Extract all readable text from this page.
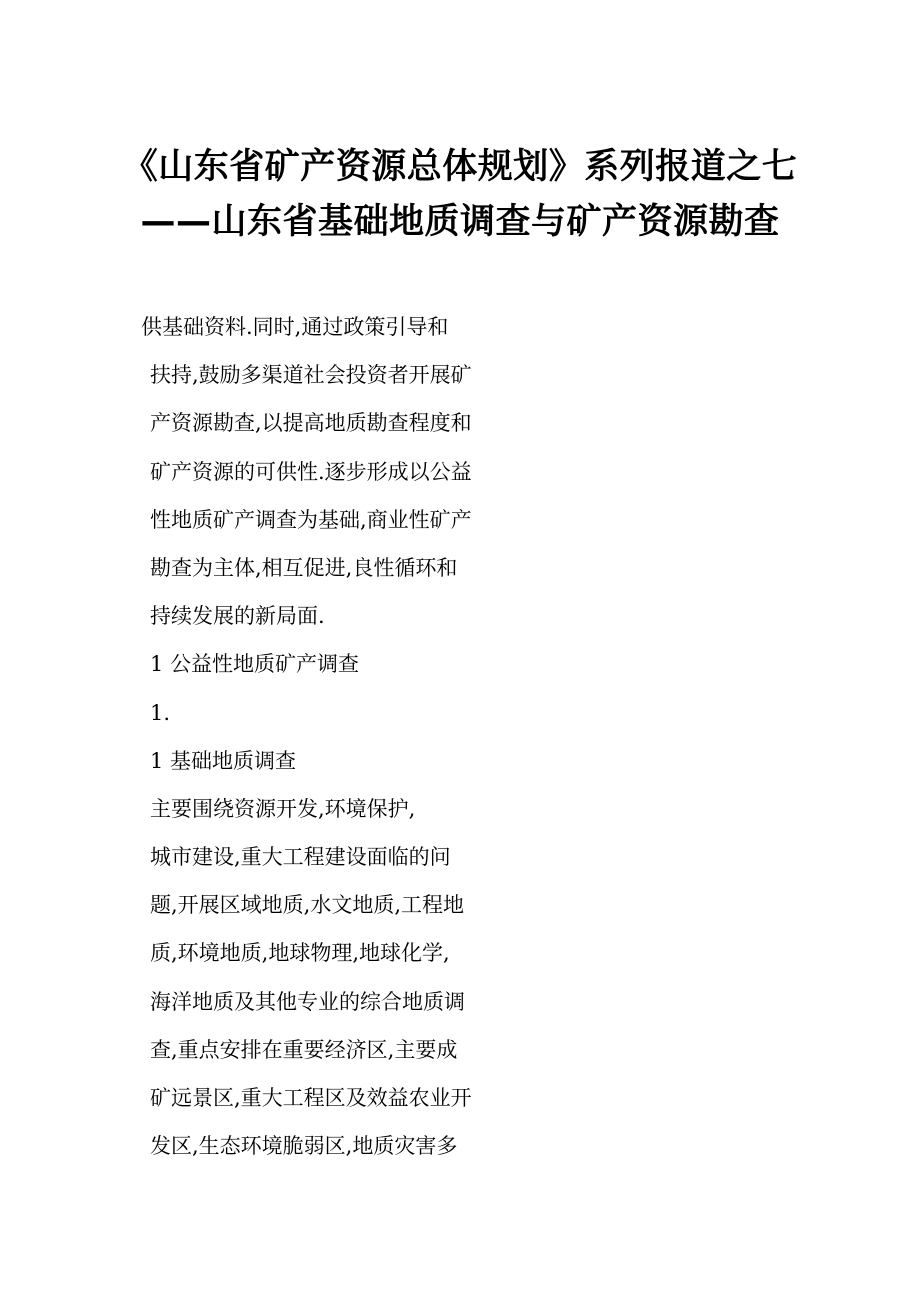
《山东省矿产资源总体规划》系列报道之七
——山东省基础地质调查与矿产资源勘查
供基础资料.同时,通过政策引导和
扶持,鼓励多渠道社会投资者开展矿
产资源勘查,以提高地质勘查程度和
矿产资源的可供性.逐步形成以公益
性地质矿产调查为基础,商业性矿产
勘查为主体,相互促进,良性循环和
持续发展的新局面.
1 公益性地质矿产调查
1.
1 基础地质调查
主要围绕资源开发,环境保护,
城市建设,重大工程建设面临的问
题,开展区域地质,水文地质,工程地
质,环境地质,地球物理,地球化学,
海洋地质及其他专业的综合地质调
查,重点安排在重要经济区,主要成
矿远景区,重大工程区及效益农业开
发区,生态环境脆弱区,地质灾害多
